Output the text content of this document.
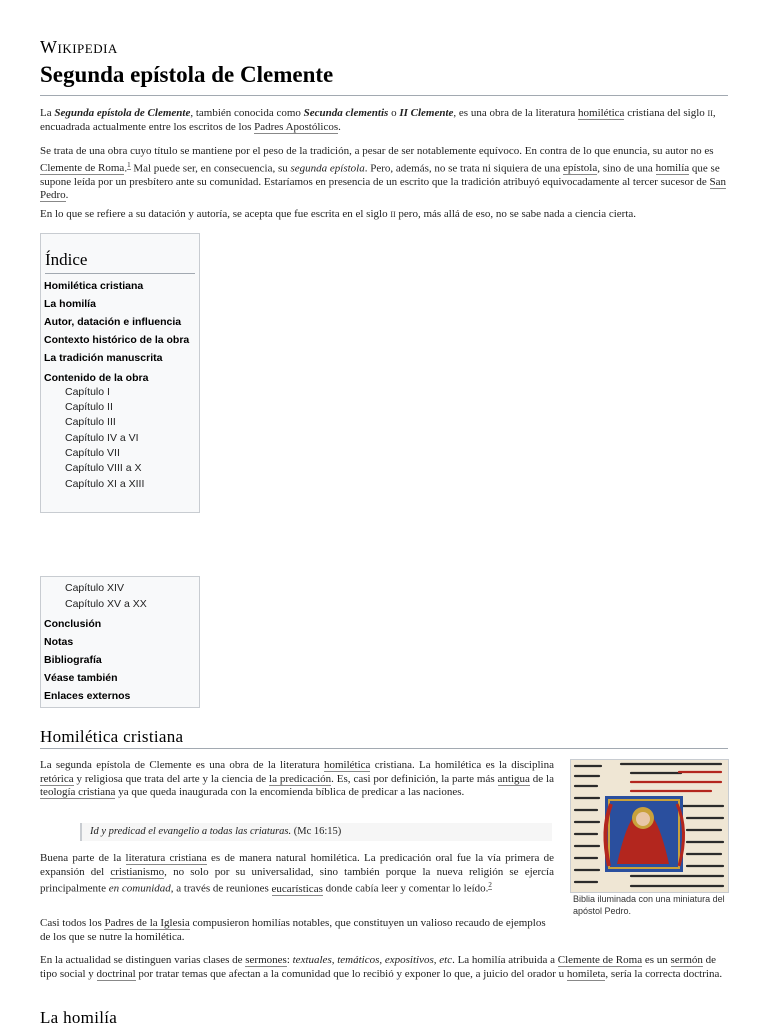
Wikipedia
Segunda epístola de Clemente

La Segunda epístola de Clemente, también conocida como Secunda clementis o II Clemente, es una obra de la literatura homilética cristiana del siglo ii, encuadrada actualmente entre los escritos de los Padres Apostólicos.

Se trata de una obra cuyo título se mantiene por el peso de la tradición, a pesar de ser notablemente equívoco. En contra de lo que enuncia, su autor no es Clemente de Roma.$^1$ Mal puede ser, en consecuencia, su segunda epístola. Pero, además, no se trata ni siquiera de una epístola, sino de una homilía que se supone leída por un presbítero ante su comunidad. Estaríamos en presencia de un escrito que la tradición atribuyó equivocadamente al tercer sucesor de San Pedro.

En lo que se refiere a su datación y autoría, se acepta que fue escrita en el siglo ii pero, más allá de eso, no se sabe nada a ciencia cierta.

Índice
Homilética cristiana
La homilía
Autor, datación e influencia
Contexto histórico de la obra
La tradición manuscrita
Contenido de la obra
Capítulo I
Capítulo II
Capítulo III
Capítulo IV a VI
Capítulo VII
Capítulo VIII a X
Capítulo XI a XIII
Capítulo XIV
Capítulo XV a XX
Conclusión
Notas
Bibliografía
Véase también
Enlaces externos
Homilética cristiana

La segunda epístola de Clemente es una obra de la literatura homilética cristiana. La homilética es la disciplina retórica y religiosa que trata del arte y la ciencia de la predicación. Es, casi por definición, la parte más antigua de la teología cristiana ya que queda inaugurada con la encomienda bíblica de predicar a las naciones.

Id y predicad el evangelio a todas las criaturas. (Mc 16:15)

Buena parte de la literatura cristiana es de manera natural homilética. La predicación oral fue la vía primera de expansión del cristianismo, no solo por su universalidad, sino también porque la nueva religión se ejercía principalmente en comunidad, a través de reuniones eucarísticas donde cabía leer y comentar lo leído.$^2$

Casi todos los Padres de la Iglesia compusieron homilías notables, que constituyen un valioso recaudo de ejemplos de los que se nutre la homilética.

En la actualidad se distinguen varias clases de sermones: textuales, temáticos, expositivos, etc. La homilía atribuida a Clemente de Roma es un sermón de tipo social y doctrinal por tratar temas que afectan a la comunidad que lo recibió y exponer lo que, a juicio del orador u homileta, sería la correcta doctrina.

Biblia iluminada con una miniatura del apóstol Pedro.
La homilía
